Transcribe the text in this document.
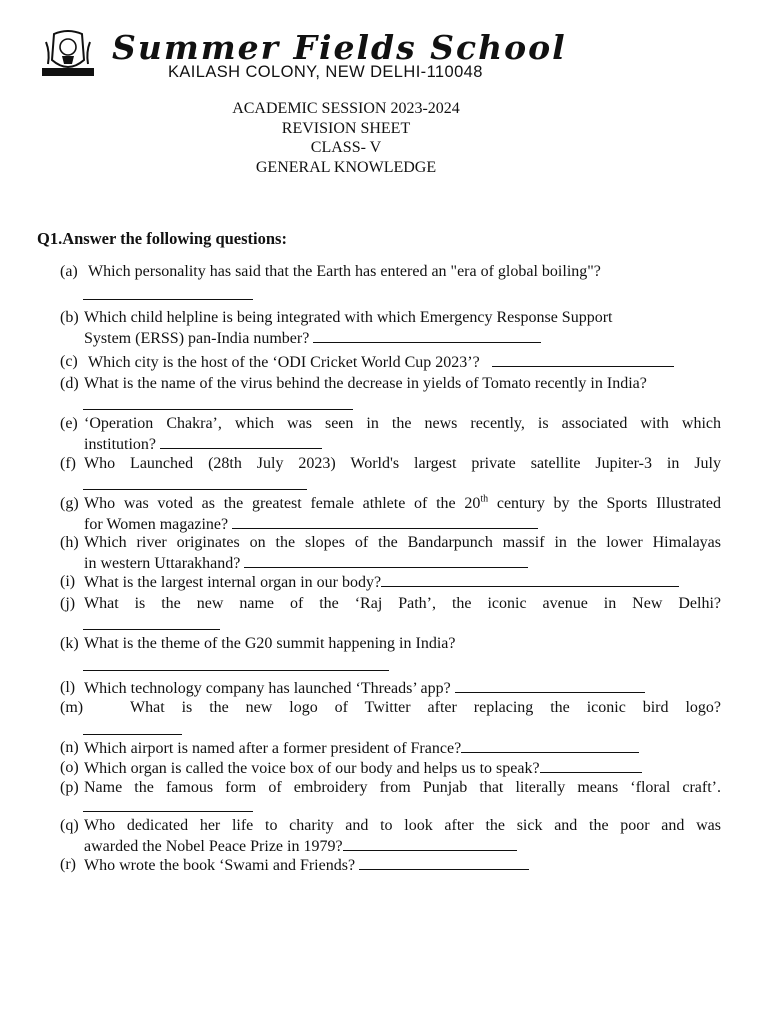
Summer Fields School
KAILASH COLONY, NEW DELHI-110048
ACADEMIC SESSION 2023-2024
REVISION SHEET
CLASS- V
GENERAL KNOWLEDGE
Q1.Answer the following questions:
(a) Which personality has said that the Earth has entered an "era of global boiling"?
(b) Which child helpline is being integrated with which Emergency Response Support
System (ERSS) pan-India number?
(c) Which city is the host of the ‘ODI Cricket World Cup 2023’?
(d) What is the name of the virus behind the decrease in yields of Tomato recently in India?
(e) ‘Operation Chakra’, which was seen in the news recently, is associated with which
institution?
(f) Who Launched (28th July 2023) World's largest private satellite Jupiter-3 in July
(g) Who was voted as the greatest female athlete of the 20th century by the Sports Illustrated
for Women magazine?
(h) Which river originates on the slopes of the Bandarpunch massif in the lower Himalayas
in western Uttarakhand?
(i) What is the largest internal organ in our body?
(j) What is the new name of the ‘Raj Path’, the iconic avenue in New Delhi?
(k) What is the theme of the G20 summit happening in India?
(l) Which technology company has launched ‘Threads’ app?
(m)	What is the new logo of Twitter after replacing the iconic bird logo?
(n) Which airport is named after a former president of France?
(o) Which organ is called the voice box of our body and helps us to speak?
(p) Name the famous form of embroidery from Punjab that literally means ‘floral craft’.
(q) Who dedicated her life to charity and to look after the sick and the poor and was
awarded the Nobel Peace Prize in 1979?
(r) Who wrote the book ‘Swami and Friends?
